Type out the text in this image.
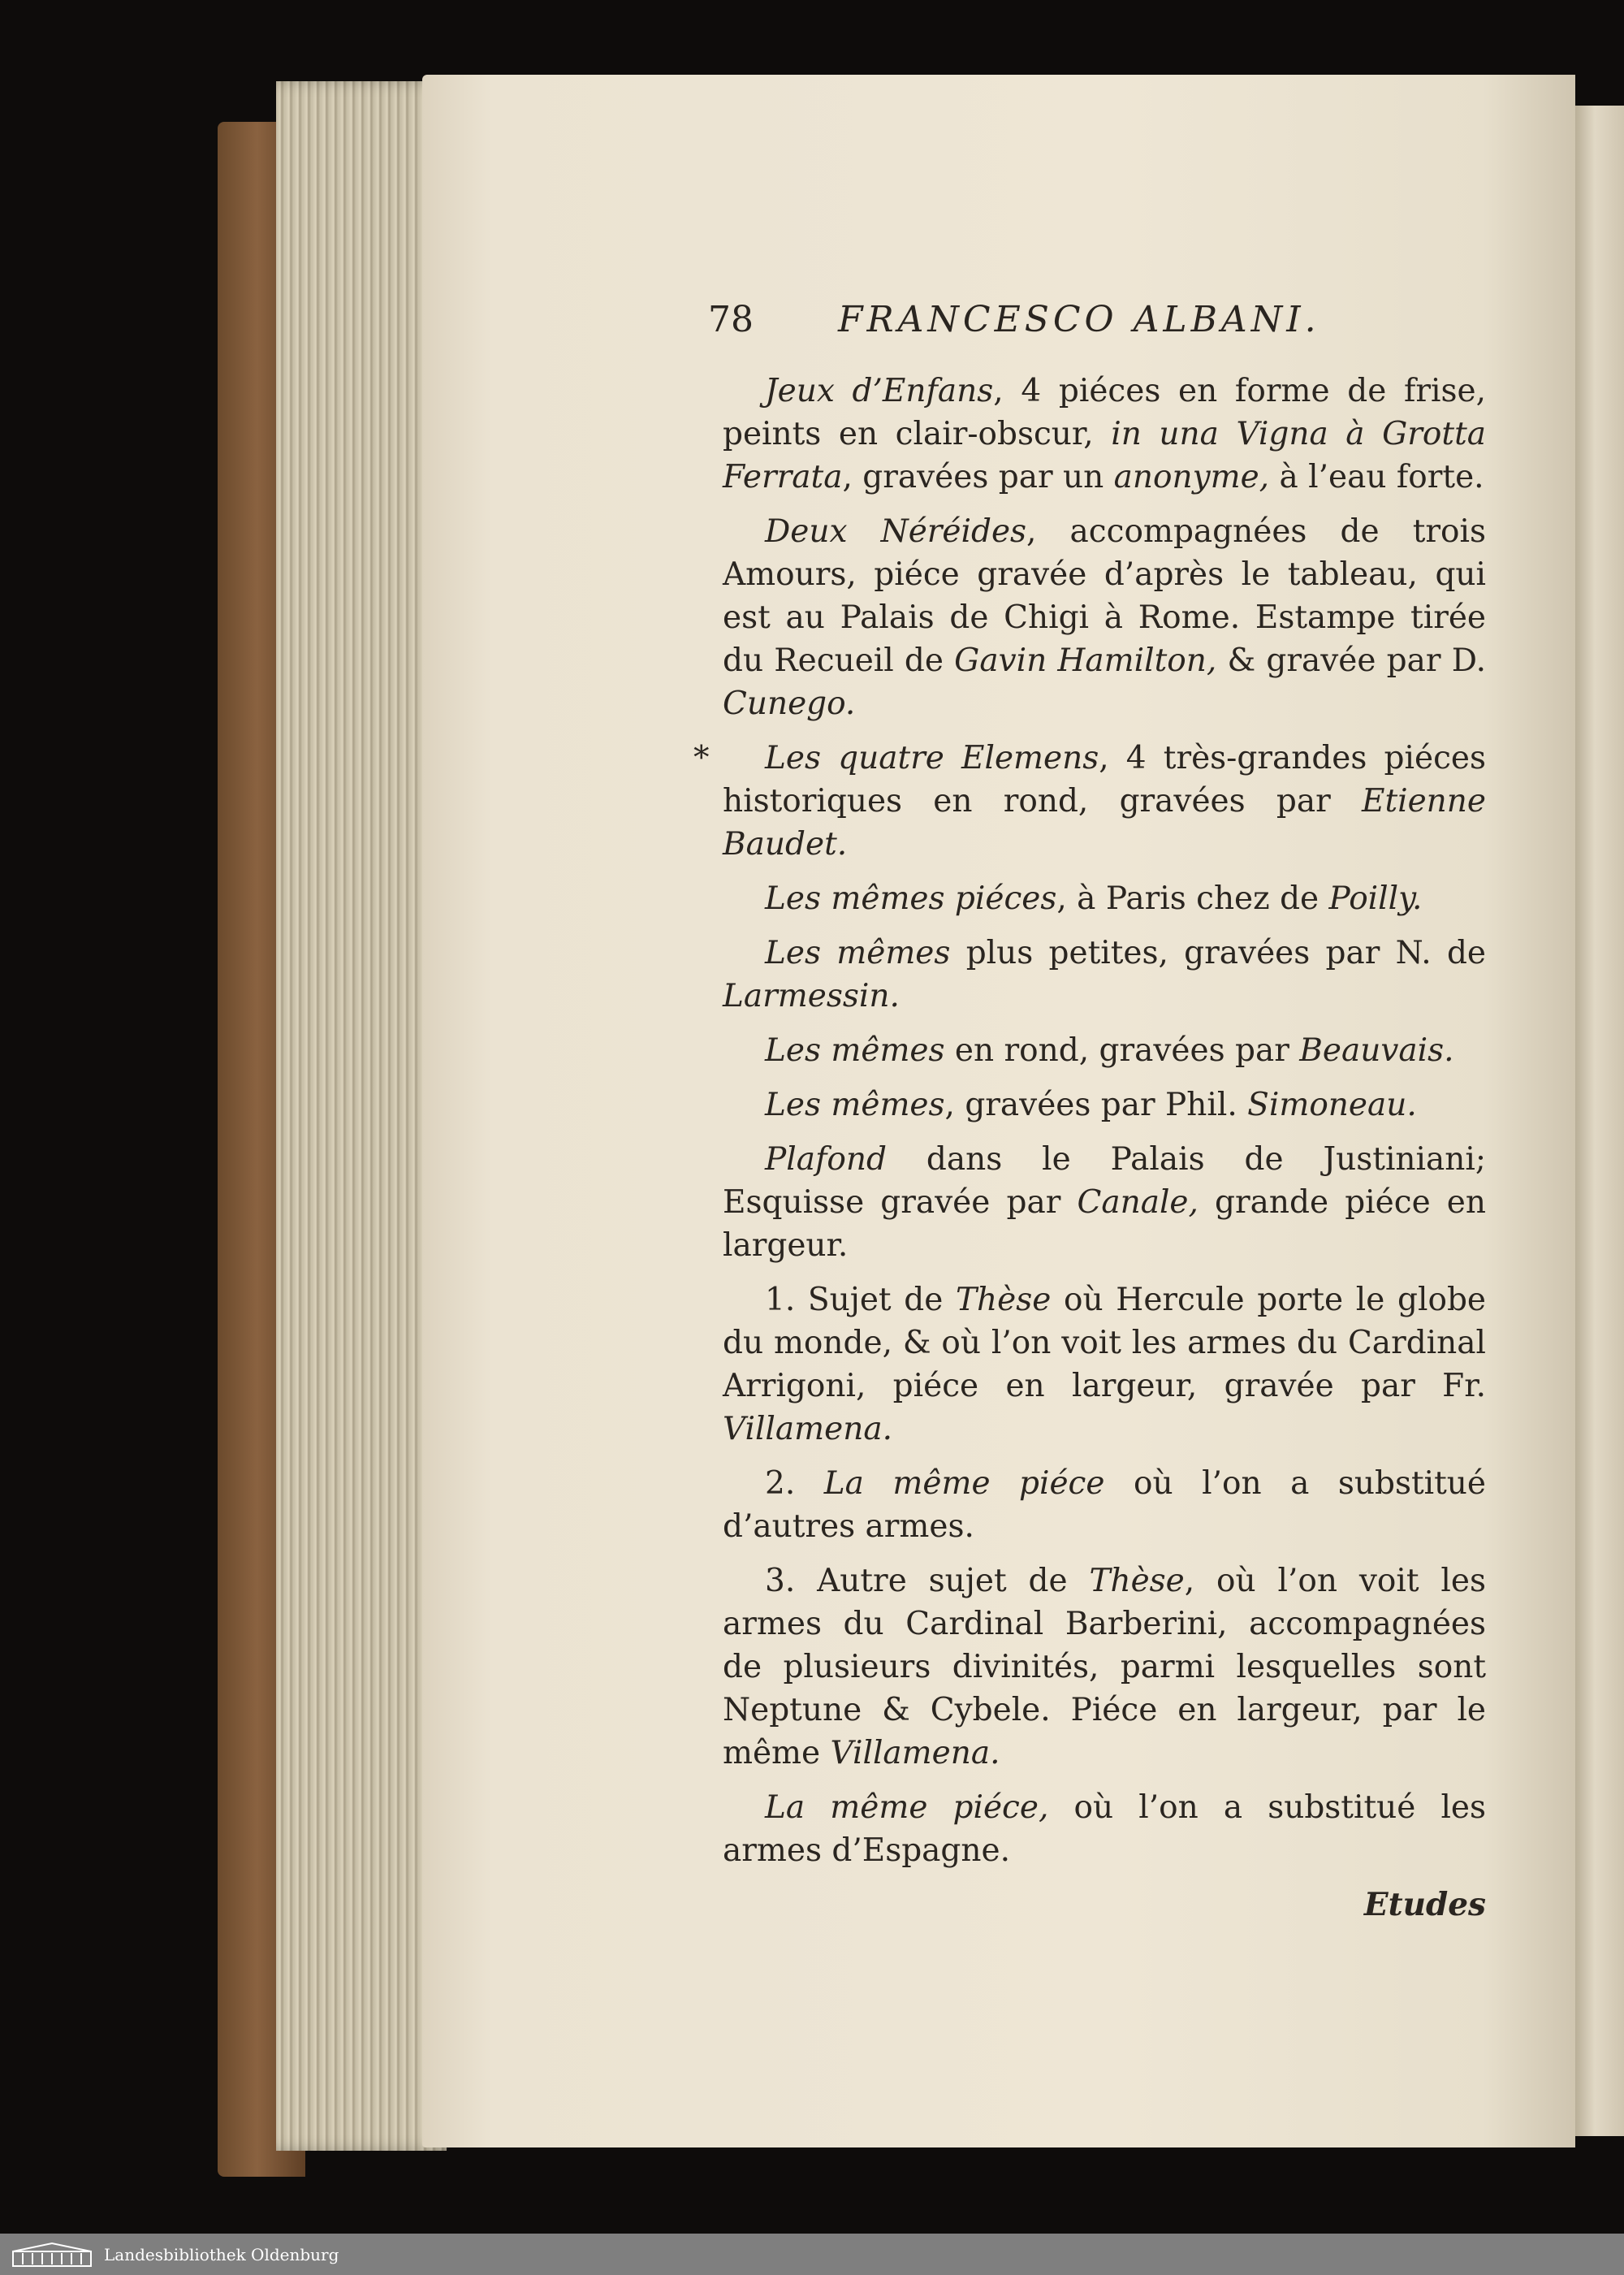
78 FRANCESCO ALBANI.

Jeux d’Enfans, 4 piéces en forme de frise, peints en clair-obscur, in una Vigna à Grotta Ferrata, gravées par un anonyme, à l’eau forte.

Deux Néréides, accompagnées de trois Amours, piéce gravée d’après le tableau, qui est au Palais de Chigi à Rome. Estampe tirée du Recueil de Gavin Hamilton, & gravée par D. Cunego.

*	Les quatre Elemens, 4 très-grandes piéces historiques en rond, gravées par Etienne Baudet.

Les mêmes piéces, à Paris chez de Poilly.

Les mêmes plus petites, gravées par N. de Larmessin.

Les mêmes en rond, gravées par Beauvais.

Les mêmes, gravées par Phil. Simoneau.

Plafond dans le Palais de Justiniani; Esquisse gravée par Canale, grande piéce en largeur.

1. Sujet de Thèse où Hercule porte le globe du monde, & où l’on voit les armes du Cardinal Arrigoni, piéce en largeur, gravée par Fr. Villamena.

2. La même piéce où l’on a substitué d’autres armes.

3. Autre sujet de Thèse, où l’on voit les armes du Cardinal Barberini, accompagnées de plusieurs divinités, parmi lesquelles sont Neptune & Cybele. Piéce en largeur, par le même Villamena.

La même piéce, où l’on a substitué les armes d’Espagne.

Etudes
Landesbibliothek Oldenburg
